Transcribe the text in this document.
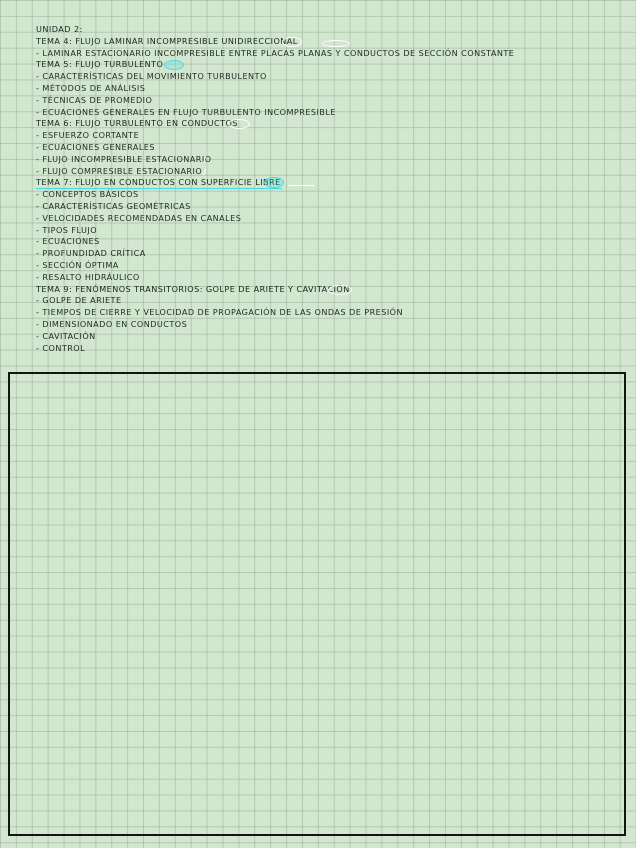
UNIDAD 2:
TEMA 4: FLUJO LAMINAR INCOMPRESIBLE UNIDIRECCIONAL
- LAMINAR ESTACIONARIO INCOMPRESIBLE ENTRE PLACAS PLANAS Y CONDUCTOS DE SECCIÓN CONSTANTE
TEMA 5: FLUJO TURBULENTO
- CARACTERÍSTICAS DEL MOVIMIENTO TURBULENTO
- MÉTODOS DE ANÁLISIS
- TÉCNICAS DE PROMEDIO
- ECUACIONES GENERALES EN FLUJO TURBULENTO INCOMPRESIBLE
TEMA 6: FLUJO TURBULENTO EN CONDUCTOS
- ESFUERZO CORTANTE
- ECUACIONES GENERALES
- FLUJO INCOMPRESIBLE ESTACIONARIO
- FLUJO COMPRESIBLE ESTACIONARIO
TEMA 7: FLUJO EN CONDUCTOS CON SUPERFICIE LIBRE
- CONCEPTOS BÁSICOS
- CARACTERÍSTICAS GEOMÉTRICAS
- VELOCIDADES RECOMENDADAS EN CANALES
- TIPOS FLUJO
- ECUACIONES
- PROFUNDIDAD CRÍTICA
- SECCIÓN ÓPTIMA
- RESALTO HIDRÁULICO
TEMA 9: FENÓMENOS TRANSITORIOS: GOLPE DE ARIETE Y CAVITACIÓN
- GOLPE DE ARIETE
- TIEMPOS DE CIERRE Y VELOCIDAD DE PROPAGACIÓN DE LAS ONDAS DE PRESIÓN
- DIMENSIONADO EN CONDUCTOS
- CAVITACIÓN
- CONTROL
